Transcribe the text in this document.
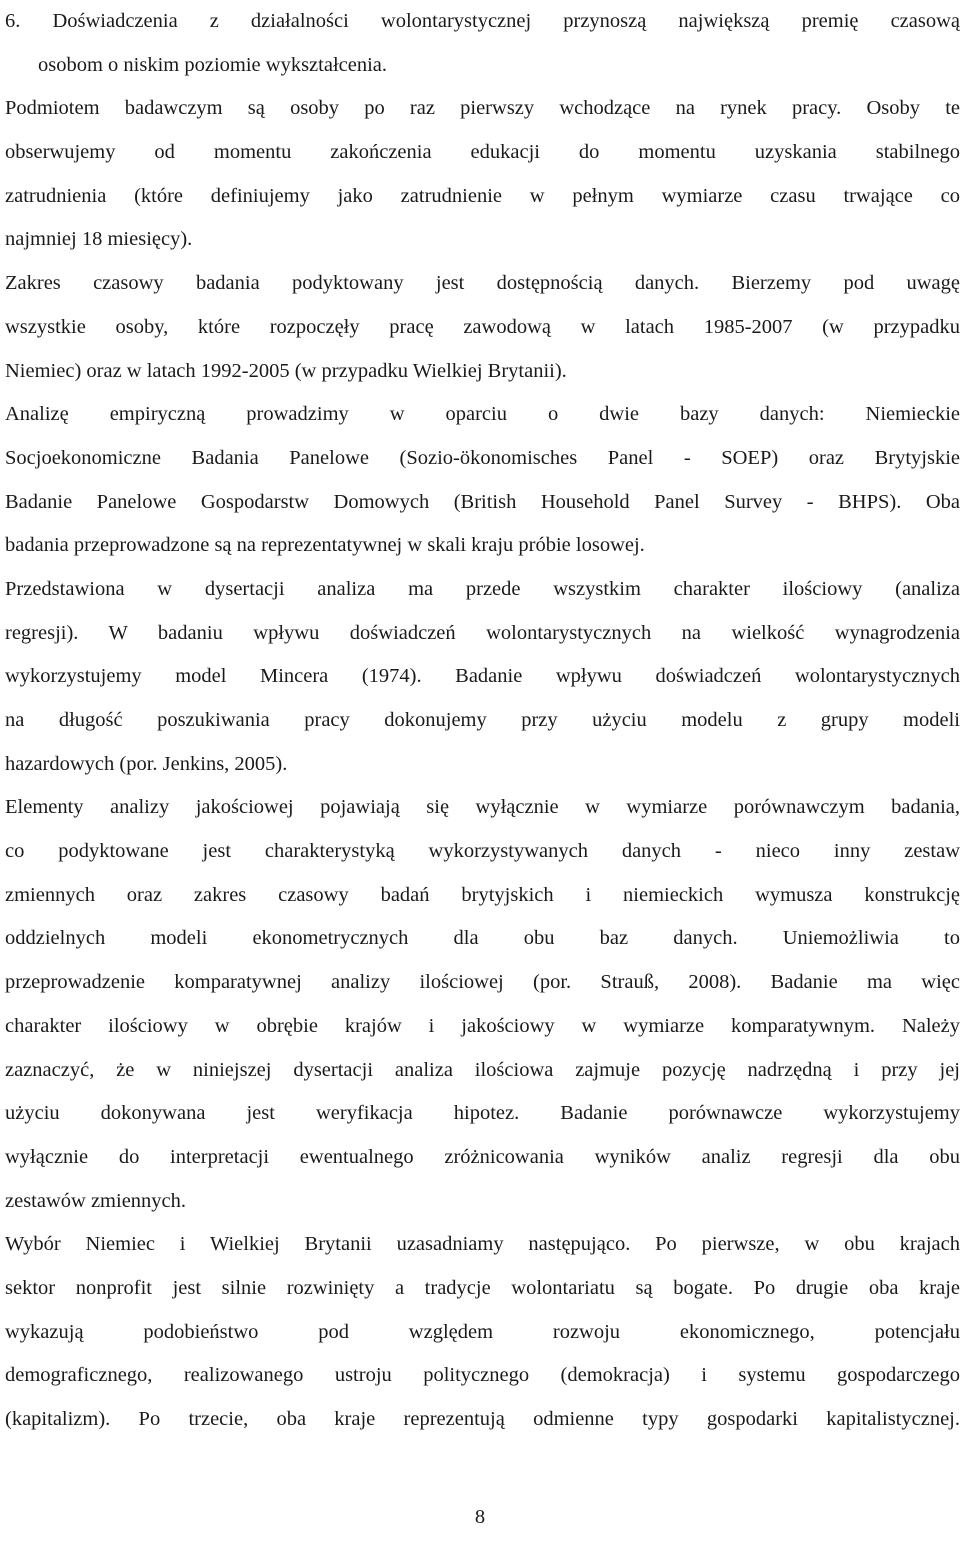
6. Doświadczenia z działalności wolontarystycznej przynoszą największą premię czasową
osobom o niskim poziomie wykształcenia.
Podmiotem badawczym są osoby po raz pierwszy wchodzące na rynek pracy. Osoby te
obserwujemy od momentu zakończenia edukacji do momentu uzyskania stabilnego
zatrudnienia (które definiujemy jako zatrudnienie w pełnym wymiarze czasu trwające co
najmniej 18 miesięcy).
Zakres czasowy badania podyktowany jest dostępnością danych. Bierzemy pod uwagę
wszystkie osoby, które rozpoczęły pracę zawodową w latach 1985-2007 (w przypadku
Niemiec) oraz w latach 1992-2005 (w przypadku Wielkiej Brytanii).
Analizę empiryczną prowadzimy w oparciu o dwie bazy danych: Niemieckie
Socjoekonomiczne Badania Panelowe (Sozio-ökonomisches Panel - SOEP) oraz Brytyjskie
Badanie Panelowe Gospodarstw Domowych (British Household Panel Survey - BHPS). Oba
badania przeprowadzone są na reprezentatywnej w skali kraju próbie losowej.
Przedstawiona w dysertacji analiza ma przede wszystkim charakter ilościowy (analiza
regresji). W badaniu wpływu doświadczeń wolontarystycznych na wielkość wynagrodzenia
wykorzystujemy model Mincera (1974). Badanie wpływu doświadczeń wolontarystycznych
na długość poszukiwania pracy dokonujemy przy użyciu modelu z grupy modeli
hazardowych (por. Jenkins, 2005).
Elementy analizy jakościowej pojawiają się wyłącznie w wymiarze porównawczym badania,
co podyktowane jest charakterystyką wykorzystywanych danych - nieco inny zestaw
zmiennych oraz zakres czasowy badań brytyjskich i niemieckich wymusza konstrukcję
oddzielnych modeli ekonometrycznych dla obu baz danych. Uniemożliwia to
przeprowadzenie komparatywnej analizy ilościowej (por. Strauß, 2008). Badanie ma więc
charakter ilościowy w obrębie krajów i jakościowy w wymiarze komparatywnym. Należy
zaznaczyć, że w niniejszej dysertacji analiza ilościowa zajmuje pozycję nadrzędną i przy jej
użyciu dokonywana jest weryfikacja hipotez. Badanie porównawcze wykorzystujemy
wyłącznie do interpretacji ewentualnego zróżnicowania wyników analiz regresji dla obu
zestawów zmiennych.
Wybór Niemiec i Wielkiej Brytanii uzasadniamy następująco. Po pierwsze, w obu krajach
sektor nonprofit jest silnie rozwinięty a tradycje wolontariatu są bogate. Po drugie oba kraje
wykazują podobieństwo pod względem rozwoju ekonomicznego, potencjału
demograficznego, realizowanego ustroju politycznego (demokracja) i systemu gospodarczego
(kapitalizm). Po trzecie, oba kraje reprezentują odmienne typy gospodarki kapitalistycznej.
8
